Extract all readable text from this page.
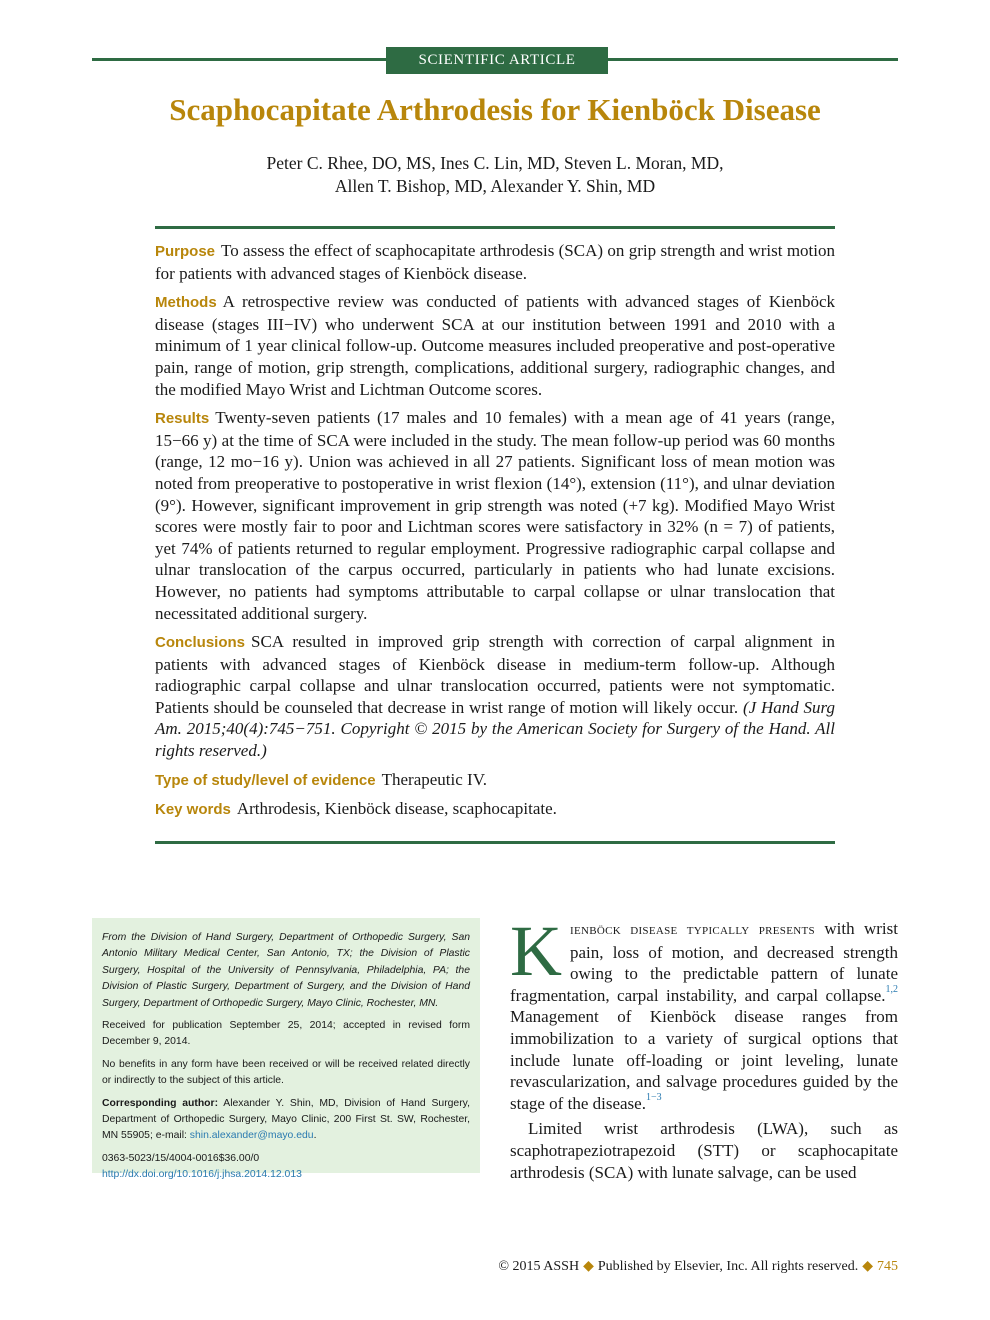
SCIENTIFIC ARTICLE
Scaphocapitate Arthrodesis for Kienböck Disease
Peter C. Rhee, DO, MS, Ines C. Lin, MD, Steven L. Moran, MD,
Allen T. Bishop, MD, Alexander Y. Shin, MD

Purpose To assess the effect of scaphocapitate arthrodesis (SCA) on grip strength and wrist motion for patients with advanced stages of Kienböck disease.

Methods A retrospective review was conducted of patients with advanced stages of Kienböck disease (stages III−IV) who underwent SCA at our institution between 1991 and 2010 with a minimum of 1 year clinical follow-up. Outcome measures included preoperative and post-operative pain, range of motion, grip strength, complications, additional surgery, radiographic changes, and the modified Mayo Wrist and Lichtman Outcome scores.

Results Twenty-seven patients (17 males and 10 females) with a mean age of 41 years (range, 15−66 y) at the time of SCA were included in the study. The mean follow-up period was 60 months (range, 12 mo−16 y). Union was achieved in all 27 patients. Significant loss of mean motion was noted from preoperative to postoperative in wrist flexion (14°), extension (11°), and ulnar deviation (9°). However, significant improvement in grip strength was noted (+7 kg). Modified Mayo Wrist scores were mostly fair to poor and Lichtman scores were satisfactory in 32% (n = 7) of patients, yet 74% of patients returned to regular employment. Progressive radiographic carpal collapse and ulnar translocation of the carpus occurred, particularly in patients who had lunate excisions. However, no patients had symptoms attributable to carpal collapse or ulnar translocation that necessitated additional surgery.

Conclusions SCA resulted in improved grip strength with correction of carpal alignment in patients with advanced stages of Kienböck disease in medium-term follow-up. Although radiographic carpal collapse and ulnar translocation occurred, patients were not symptomatic. Patients should be counseled that decrease in wrist range of motion will likely occur. (J Hand Surg Am. 2015;40(4):745−751. Copyright © 2015 by the American Society for Surgery of the Hand. All rights reserved.)

Type of study/level of evidence Therapeutic IV.

Key words Arthrodesis, Kienböck disease, scaphocapitate.

From the Division of Hand Surgery, Department of Orthopedic Surgery, San Antonio Military Medical Center, San Antonio, TX; the Division of Plastic Surgery, Hospital of the University of Pennsylvania, Philadelphia, PA; the Division of Plastic Surgery, Department of Surgery, and the Division of Hand Surgery, Department of Orthopedic Surgery, Mayo Clinic, Rochester, MN.

Received for publication September 25, 2014; accepted in revised form December 9, 2014.

No benefits in any form have been received or will be received related directly or indirectly to the subject of this article.

Corresponding author: Alexander Y. Shin, MD, Division of Hand Surgery, Department of Orthopedic Surgery, Mayo Clinic, 200 First St. SW, Rochester, MN 55905; e-mail: shin.alexander@mayo.edu.

0363-5023/15/4004-0016$36.00/0
http://dx.doi.org/10.1016/j.jhsa.2014.12.013

Kienböck disease typically presents with wrist pain, loss of motion, and decreased strength owing to the predictable pattern of lunate fragmentation, carpal instability, and carpal collapse.$^{1,2}$ Management of Kienböck disease ranges from immobilization to a variety of surgical options that include lunate off-loading or joint leveling, lunate revascularization, and salvage procedures guided by the stage of the disease.$^{1-3}$

Limited wrist arthrodesis (LWA), such as scaphotrapeziotrapezoid (STT) or scaphocapitate arthrodesis (SCA) with lunate salvage, can be used

© 2015 ASSH ◆ Published by Elsevier, Inc. All rights reserved. ◆ 745
